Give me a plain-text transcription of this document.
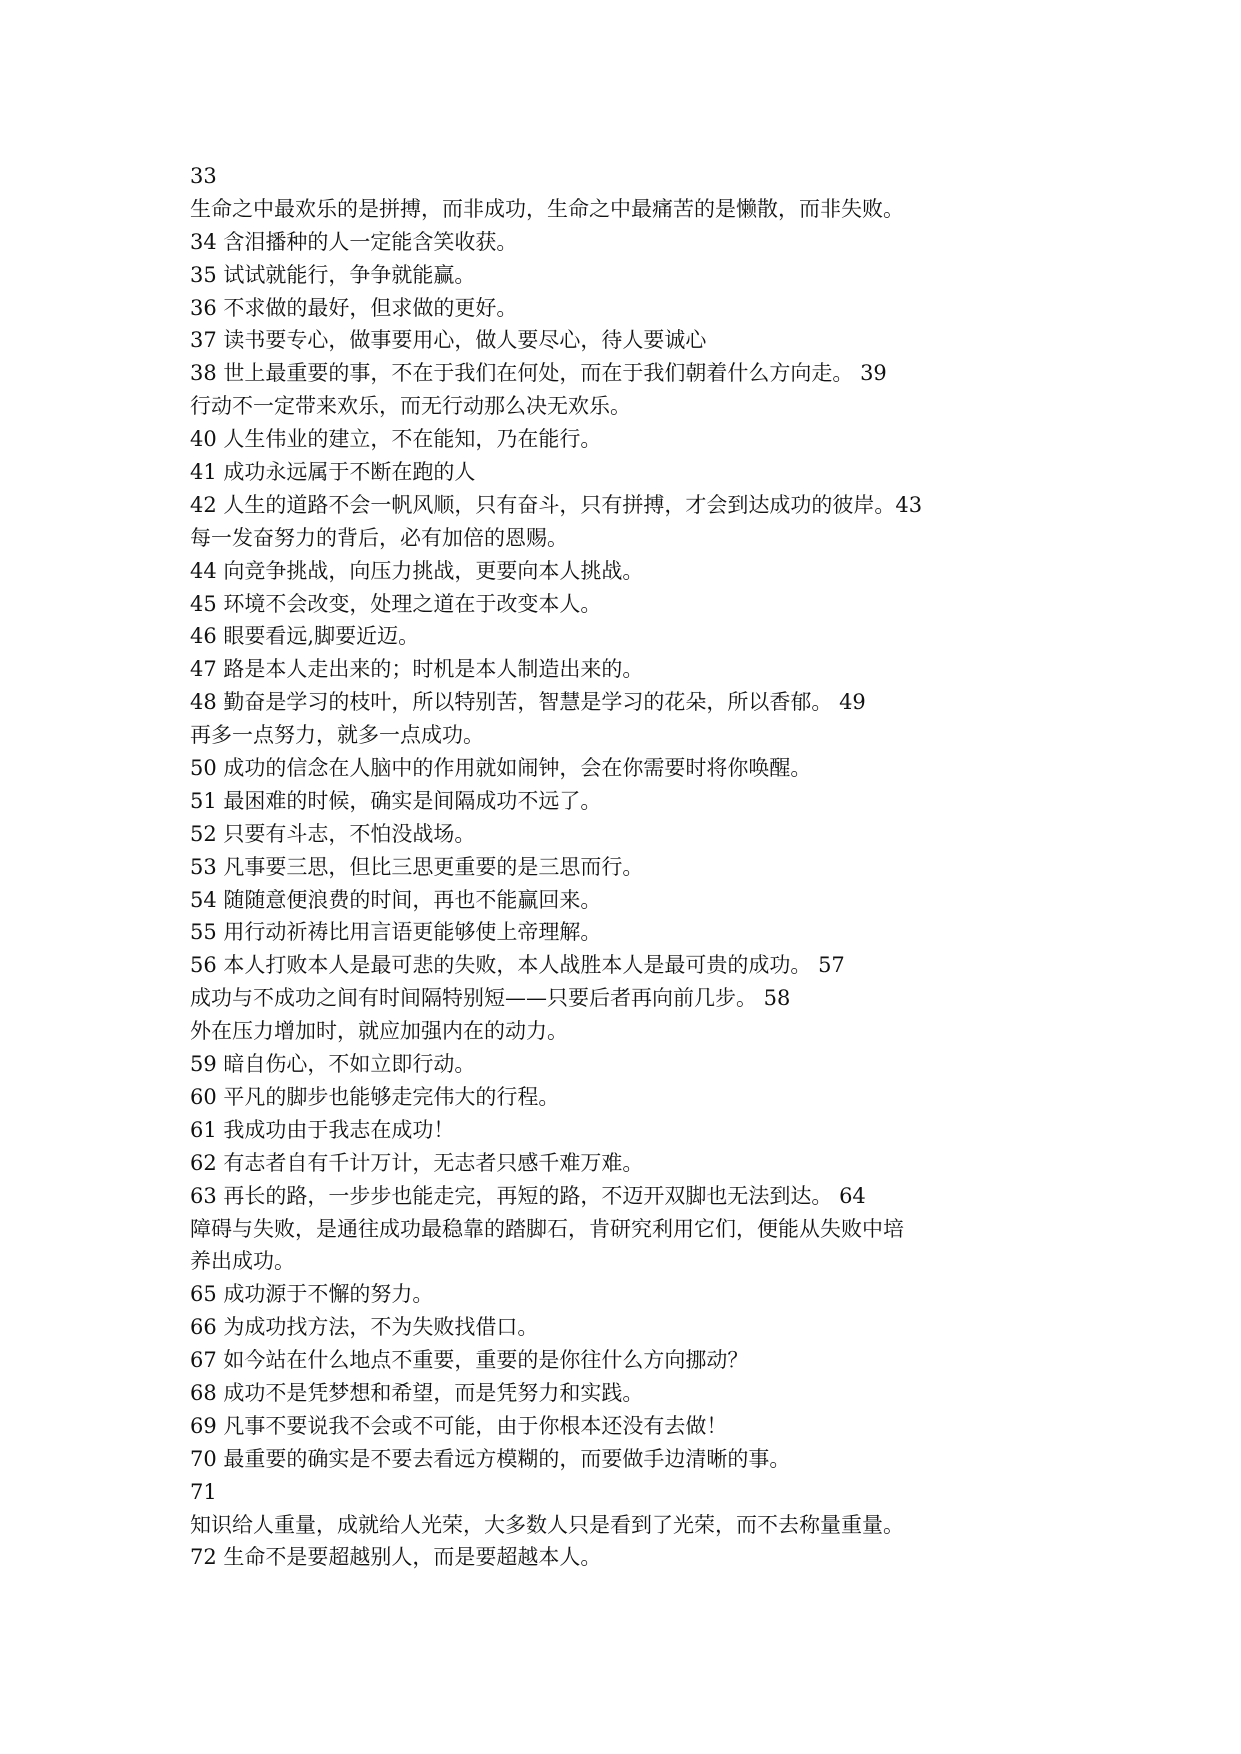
33
生命之中最欢乐的是拼搏，而非成功，生命之中最痛苦的是懒散，而非失败。
34 含泪播种的人一定能含笑收获。
35 试试就能行，争争就能赢。
36 不求做的最好，但求做的更好。
37 读书要专心，做事要用心，做人要尽心，待人要诚心
38 世上最重要的事，不在于我们在何处，而在于我们朝着什么方向走。 39
行动不一定带来欢乐，而无行动那么决无欢乐。
40 人生伟业的建立，不在能知，乃在能行。
41 成功永远属于不断在跑的人
42 人生的道路不会一帆风顺，只有奋斗，只有拼搏，才会到达成功的彼岸。43
每一发奋努力的背后，必有加倍的恩赐。
44 向竞争挑战，向压力挑战，更要向本人挑战。
45 环境不会改变，处理之道在于改变本人。
46 眼要看远,脚要近迈。
47 路是本人走出来的；时机是本人制造出来的。
48 勤奋是学习的枝叶，所以特别苦，智慧是学习的花朵，所以香郁。 49
再多一点努力，就多一点成功。
50 成功的信念在人脑中的作用就如闹钟，会在你需要时将你唤醒。
51 最困难的时候，确实是间隔成功不远了。
52 只要有斗志，不怕没战场。
53 凡事要三思，但比三思更重要的是三思而行。
54 随随意便浪费的时间，再也不能赢回来。
55 用行动祈祷比用言语更能够使上帝理解。
56 本人打败本人是最可悲的失败，本人战胜本人是最可贵的成功。 57
成功与不成功之间有时间隔特别短——只要后者再向前几步。 58
外在压力增加时，就应加强内在的动力。
59 暗自伤心，不如立即行动。
60 平凡的脚步也能够走完伟大的行程。
61 我成功由于我志在成功！
62 有志者自有千计万计，无志者只感千难万难。
63 再长的路，一步步也能走完，再短的路，不迈开双脚也无法到达。 64
障碍与失败，是通往成功最稳靠的踏脚石，肯研究利用它们，便能从失败中培
养出成功。
65 成功源于不懈的努力。
66 为成功找方法，不为失败找借口。
67 如今站在什么地点不重要，重要的是你往什么方向挪动？
68 成功不是凭梦想和希望，而是凭努力和实践。
69 凡事不要说我不会或不可能，由于你根本还没有去做！
70 最重要的确实是不要去看远方模糊的，而要做手边清晰的事。
71
知识给人重量，成就给人光荣，大多数人只是看到了光荣，而不去称量重量。
72 生命不是要超越别人，而是要超越本人。
